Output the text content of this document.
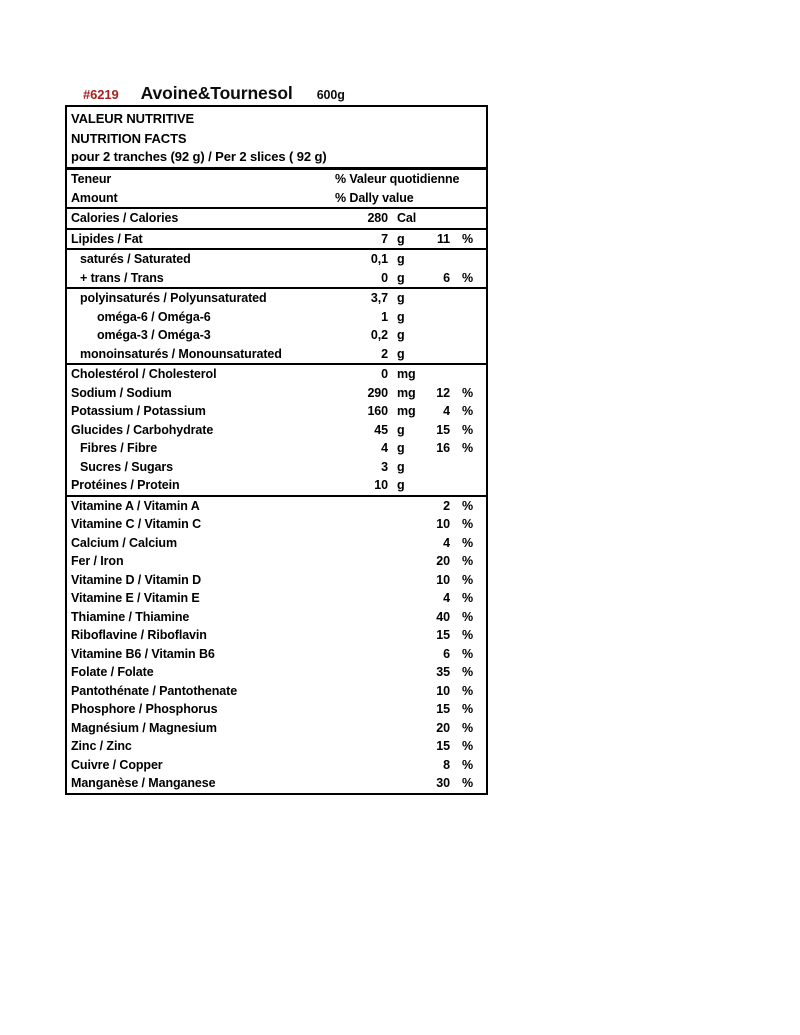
#6219 Avoine&Tournesol 600g
VALEUR NUTRITIVE
NUTRITION FACTS
pour 2 tranches (92 g) / Per 2 slices ( 92 g)
Teneur	% Valeur quotidienne
Amount	% Dally value
Calories / Calories	280 Cal
Lipides / Fat	7 g	11 %
saturés / Saturated	0,1 g
+ trans / Trans	0 g	6 %
polyinsaturés / Polyunsaturated	3,7 g
oméga-6 / Oméga-6	1 g
oméga-3 / Oméga-3	0,2 g
monoinsaturés / Monounsaturated	2 g
Cholestérol / Cholesterol	0 mg
Sodium / Sodium	290 mg	12 %
Potassium / Potassium	160 mg	4 %
Glucides / Carbohydrate	45 g	15 %
Fibres / Fibre	4 g	16 %
Sucres / Sugars	3 g
Protéines / Protein	10 g
Vitamine A / Vitamin A	2 %
Vitamine C / Vitamin C	10 %
Calcium / Calcium	4 %
Fer / Iron	20 %
Vitamine D / Vitamin D	10 %
Vitamine E / Vitamin E	4 %
Thiamine / Thiamine	40 %
Riboflavine / Riboflavin	15 %
Vitamine B6 / Vitamin B6	6 %
Folate / Folate	35 %
Pantothénate / Pantothenate	10 %
Phosphore / Phosphorus	15 %
Magnésium / Magnesium	20 %
Zinc / Zinc	15 %
Cuivre / Copper	8 %
Manganèse / Manganese	30 %
